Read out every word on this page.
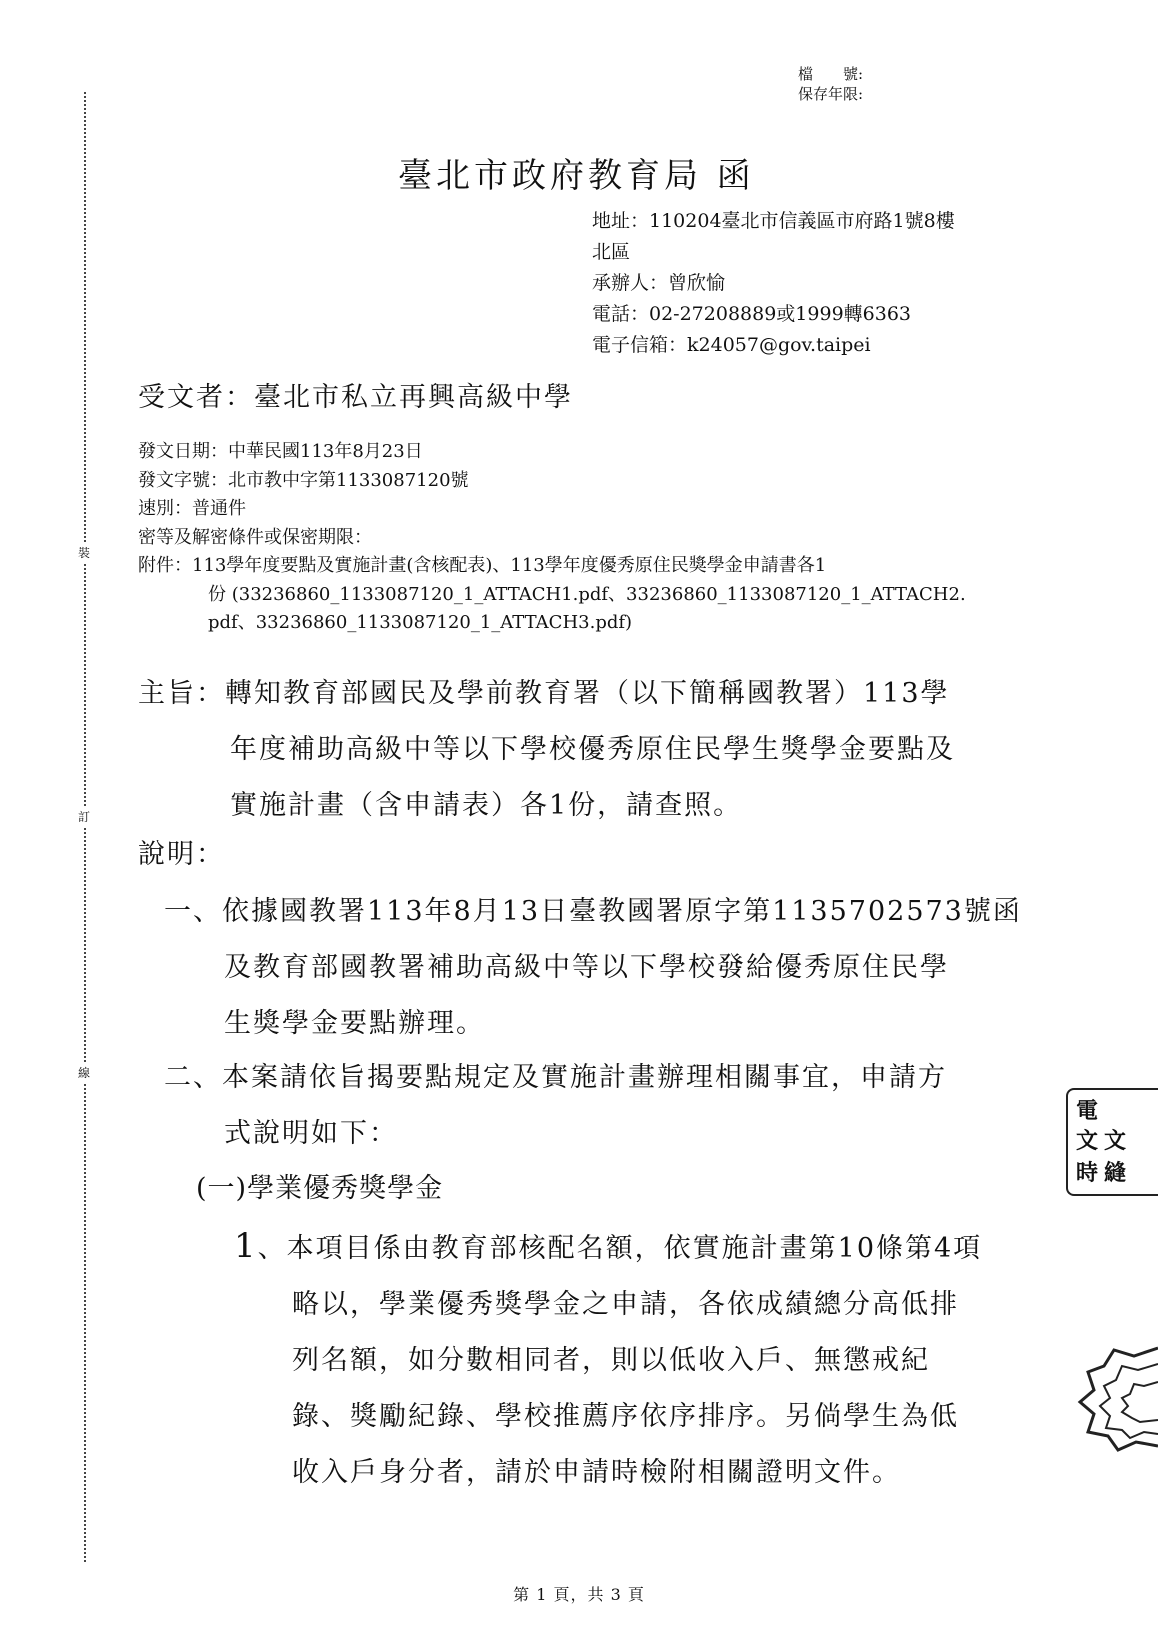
裝
訂
線
檔　　號:
保存年限:
臺北市政府教育局 函
地址：110204臺北市信義區市府路1號8樓
北區
承辦人：曾欣愉
電話：02-27208889或1999轉6363
電子信箱：k24057@gov.taipei
受文者：臺北市私立再興高級中學
發文日期：中華民國113年8月23日
發文字號：北市教中字第1133087120號
速別：普通件
密等及解密條件或保密期限：
附件：113學年度要點及實施計畫(含核配表)、113學年度優秀原住民獎學金申請書各1
份 (33236860_1133087120_1_ATTACH1.pdf、33236860_1133087120_1_ATTACH2.
pdf、33236860_1133087120_1_ATTACH3.pdf)
主旨：轉知教育部國民及學前教育署（以下簡稱國教署）113學
年度補助高級中等以下學校優秀原住民學生獎學金要點及
實施計畫（含申請表）各1份，請查照。
說明：
一、依據國教署113年8月13日臺教國署原字第1135702573號函
及教育部國教署補助高級中等以下學校發給優秀原住民學
生獎學金要點辦理。
二、本案請依旨揭要點規定及實施計畫辦理相關事宜，申請方
式說明如下：
(一)學業優秀獎學金
1、本項目係由教育部核配名額，依實施計畫第10條第4項
略以，學業優秀獎學金之申請，各依成績總分高低排
列名額，如分數相同者，則以低收入戶、無懲戒紀
錄、獎勵紀錄、學校推薦序依序排序。另倘學生為低
收入戶身分者，請於申請時檢附相關證明文件。
電
文 文
時 縫
第 1 頁，共 3 頁
